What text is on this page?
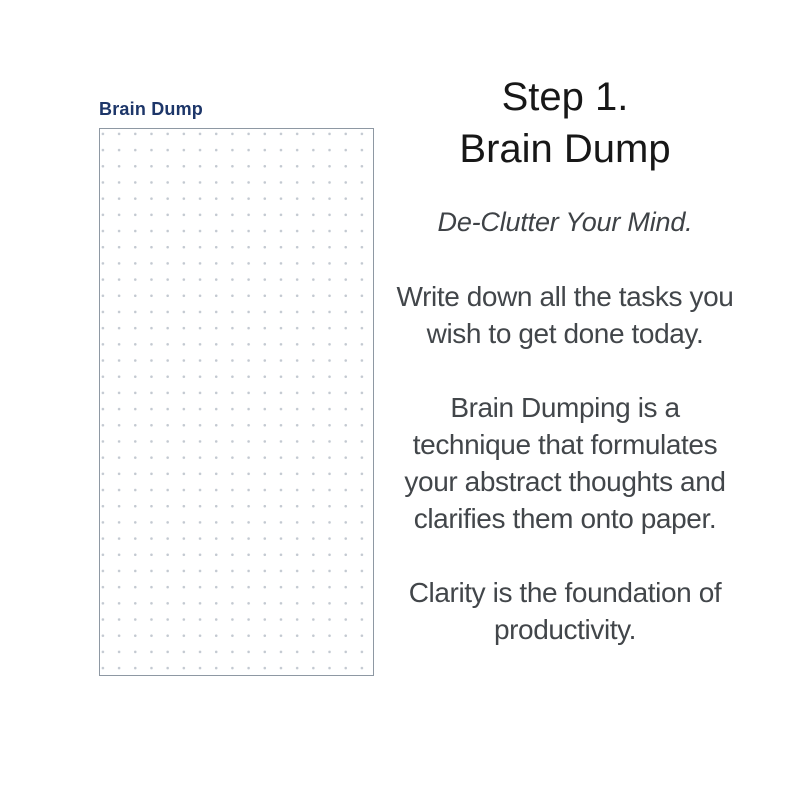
Brain Dump	Step 1.
Brain Dump
De-Clutter Your Mind.
Write down all the tasks you
wish to get done today.
Brain Dumping is a
technique that formulates
your abstract thoughts and
clarifies them onto paper.
Clarity is the foundation of
productivity.
